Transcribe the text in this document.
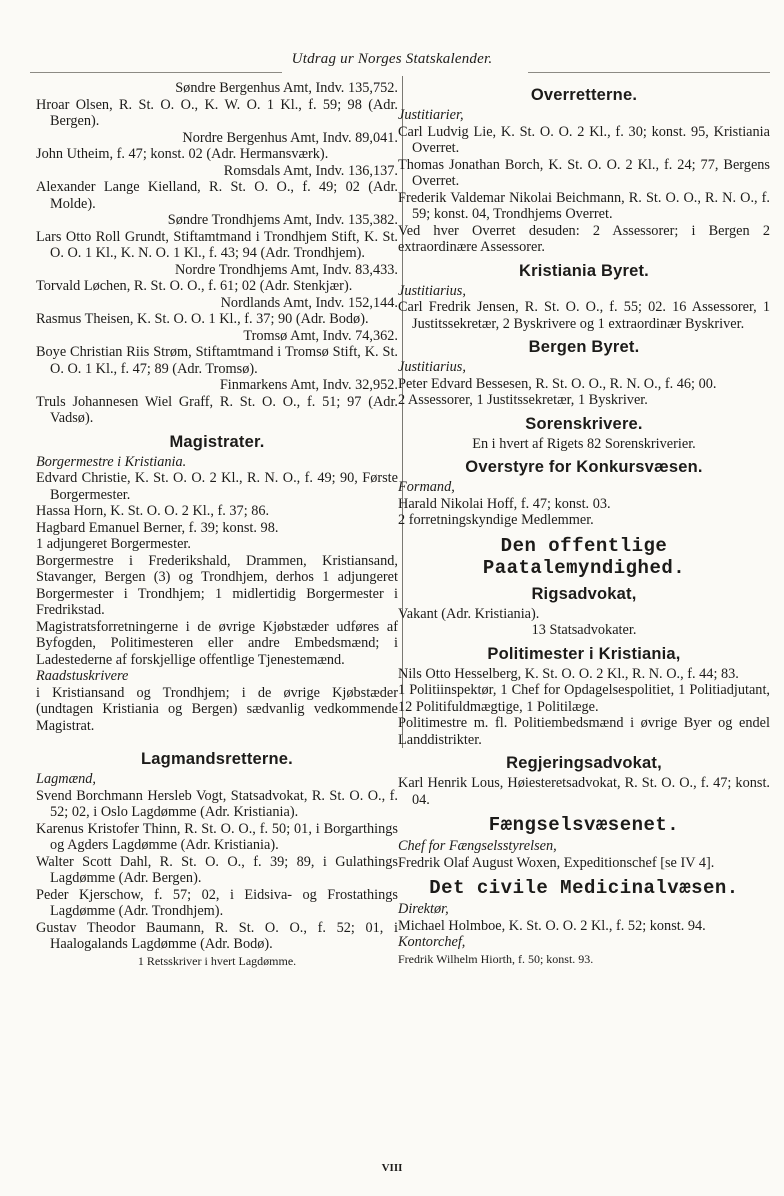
Utdrag ur Norges Statskalender.

Søndre Bergenhus Amt, Indv. 135,752.

Hroar Olsen, R. St. O. O., K. W. O. 1 Kl., f. 59; 98 (Adr. Bergen).

Nordre Bergenhus Amt, Indv. 89,041.

John Utheim, f. 47; konst. 02 (Adr. Hermansværk).

Romsdals Amt, Indv. 136,137.

Alexander Lange Kielland, R. St. O. O., f. 49; 02 (Adr. Molde).

Søndre Trondhjems Amt, Indv. 135,382.

Lars Otto Roll Grundt, Stiftamtmand i Trondhjem Stift, K. St. O. O. 1 Kl., K. N. O. 1 Kl., f. 43; 94 (Adr. Trondhjem).

Nordre Trondhjems Amt, Indv. 83,433.

Torvald Løchen, R. St. O. O., f. 61; 02 (Adr. Stenkjær).

Nordlands Amt, Indv. 152,144.

Rasmus Theisen, K. St. O. O. 1 Kl., f. 37; 90 (Adr. Bodø).

Tromsø Amt, Indv. 74,362.

Boye Christian Riis Strøm, Stiftamtmand i Tromsø Stift, K. St. O. O. 1 Kl., f. 47; 89 (Adr. Tromsø).

Finmarkens Amt, Indv. 32,952.

Truls Johannesen Wiel Graff, R. St. O. O., f. 51; 97 (Adr. Vadsø).

Magistrater.

Borgermestre i Kristiania.

Edvard Christie, K. St. O. O. 2 Kl., R. N. O., f. 49; 90, Første Borgermester.

Hassa Horn, K. St. O. O. 2 Kl., f. 37; 86.

Hagbard Emanuel Berner, f. 39; konst. 98.

1 adjungeret Borgermester.

Borgermestre i Frederikshald, Drammen, Kristiansand, Stavanger, Bergen (3) og Trondhjem, derhos 1 adjungeret Borgermester i Trondhjem; 1 midlertidig Borgermester i Fredrikstad.

Magistratsforretningerne i de øvrige Kjøbstæder udføres af Byfogden, Politimesteren eller andre Embedsmænd; i Ladestederne af forskjellige offentlige Tjenestemænd.

Raadstuskrivere

i Kristiansand og Trondhjem; i de øvrige Kjøbstæder (undtagen Kristiania og Bergen) sædvanlig vedkommende Magistrat.

Lagmandsretterne.

Lagmænd,

Svend Borchmann Hersleb Vogt, Statsadvokat, R. St. O. O., f. 52; 02, i Oslo Lagdømme (Adr. Kristiania).

Karenus Kristofer Thinn, R. St. O. O., f. 50; 01, i Borgarthings og Agders Lagdømme (Adr. Kristiania).

Walter Scott Dahl, R. St. O. O., f. 39; 89, i Gulathings Lagdømme (Adr. Bergen).

Peder Kjerschow, f. 57; 02, i Eidsiva- og Frostathings Lagdømme (Adr. Trondhjem).

Gustav Theodor Baumann, R. St. O. O., f. 52; 01, i Haalogalands Lagdømme (Adr. Bodø).

1 Retsskriver i hvert Lagdømme.

Overretterne.

Justitiarier,

Carl Ludvig Lie, K. St. O. O. 2 Kl., f. 30; konst. 95, Kristiania Overret.

Thomas Jonathan Borch, K. St. O. O. 2 Kl., f. 24; 77, Bergens Overret.

Frederik Valdemar Nikolai Beichmann, R. St. O. O., R. N. O., f. 59; konst. 04, Trondhjems Overret.

Ved hver Overret desuden: 2 Assessorer; i Bergen 2 extraordinære Assessorer.

Kristiania Byret.

Justitiarius,

Carl Fredrik Jensen, R. St. O. O., f. 55; 02. 16 Assessorer, 1 Justitssekretær, 2 Byskrivere og 1 extraordinær Byskriver.

Bergen Byret.

Justitiarius,

Peter Edvard Bessesen, R. St. O. O., R. N. O., f. 46; 00.

2 Assessorer, 1 Justitssekretær, 1 Byskriver.

Sorenskrivere.

En i hvert af Rigets 82 Sorenskriverier.

Overstyre for Konkursvæsen.

Formand,

Harald Nikolai Hoff, f. 47; konst. 03.

2 forretningskyndige Medlemmer.

Den offentlige Paatalemyndighed.
Rigsadvokat,

Vakant (Adr. Kristiania).

13 Statsadvokater.

Politimester i Kristiania,

Nils Otto Hesselberg, K. St. O. O. 2 Kl., R. N. O., f. 44; 83.

1 Politiinspektør, 1 Chef for Opdagelsespolitiet, 1 Politiadjutant, 12 Politifuldmægtige, 1 Politilæge.

Politimestre m. fl. Politiembedsmænd i øvrige Byer og endel Landdistrikter.

Regjeringsadvokat,

Karl Henrik Lous, Høiesteretsadvokat, R. St. O. O., f. 47; konst. 04.

Fængselsvæsenet.

Chef for Fængselsstyrelsen,

Fredrik Olaf August Woxen, Expeditionschef [se IV 4].

Det civile Medicinalvæsen.

Direktør,

Michael Holmboe, K. St. O. O. 2 Kl., f. 52; konst. 94.

Kontorchef,

Fredrik Wilhelm Hiorth, f. 50; konst. 93.

VIII
